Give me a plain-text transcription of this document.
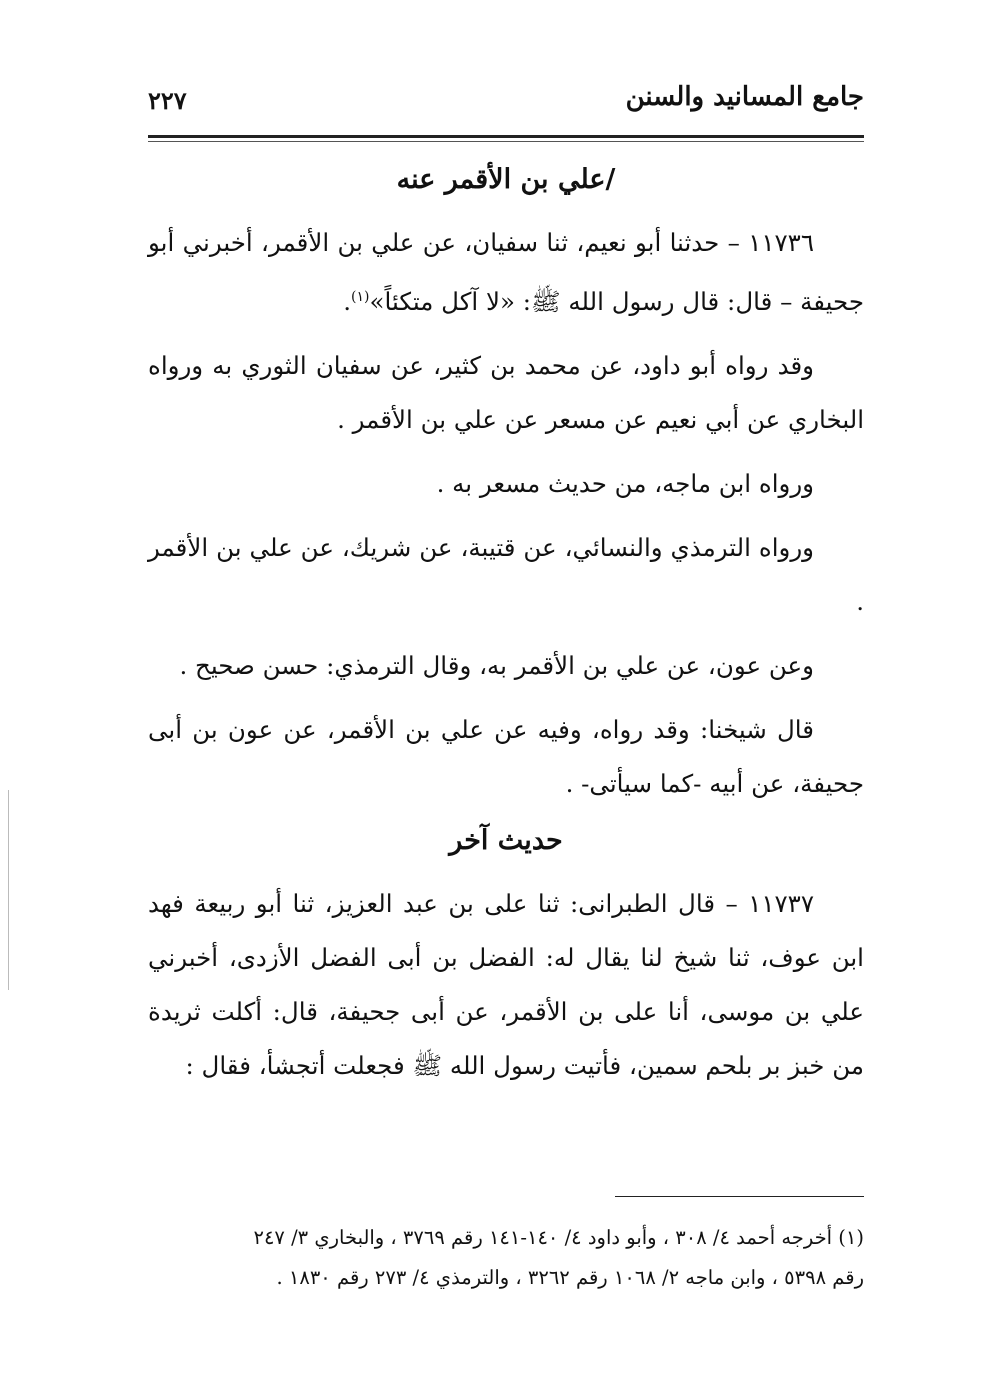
جامع المسانيد والسنن
٢٢٧
/علي بن الأقمر عنه

١١٧٣٦ – حدثنا أبو نعيم، ثنا سفيان، عن علي بن الأقمر، أخبرني أبو جحيفة – قال: قال رسول الله ﷺ: «لا آكل متكئاً»$^{(١)}$.

وقد رواه أبو داود، عن محمد بن كثير، عن سفيان الثوري به ورواه البخاري عن أبي نعيم عن مسعر عن علي بن الأقمر .

ورواه ابن ماجه، من حديث مسعر به .

ورواه الترمذي والنسائي، عن قتيبة، عن شريك، عن علي بن الأقمر .

وعن عون، عن علي بن الأقمر به، وقال الترمذي: حسن صحيح .

قال شيخنا: وقد رواه، وفيه عن علي بن الأقمر، عن عون بن أبى جحيفة، عن أبيه -كما سيأتى- .

حديث آخر

١١٧٣٧ – قال الطبرانى: ثنا على بن عبد العزيز، ثنا أبو ربيعة فهد ابن عوف، ثنا شيخ لنا يقال له: الفضل بن أبى الفضل الأزدى، أخبرني علي بن موسى، أنا على بن الأقمر، عن أبى جحيفة، قال: أكلت ثريدة من خبز بر بلحم سمين، فأتيت رسول الله ﷺ فجعلت أتجشأ، فقال :

(١) أخرجه أحمد ٤/ ٣٠٨ ، وأبو داود ٤/ ١٤٠-١٤١ رقم ٣٧٦٩ ، والبخاري ٣/ ٢٤٧

رقم ٥٣٩٨ ، وابن ماجه ٢/ ١٠٦٨ رقم ٣٢٦٢ ، والترمذي ٤/ ٢٧٣ رقم ١٨٣٠ .
